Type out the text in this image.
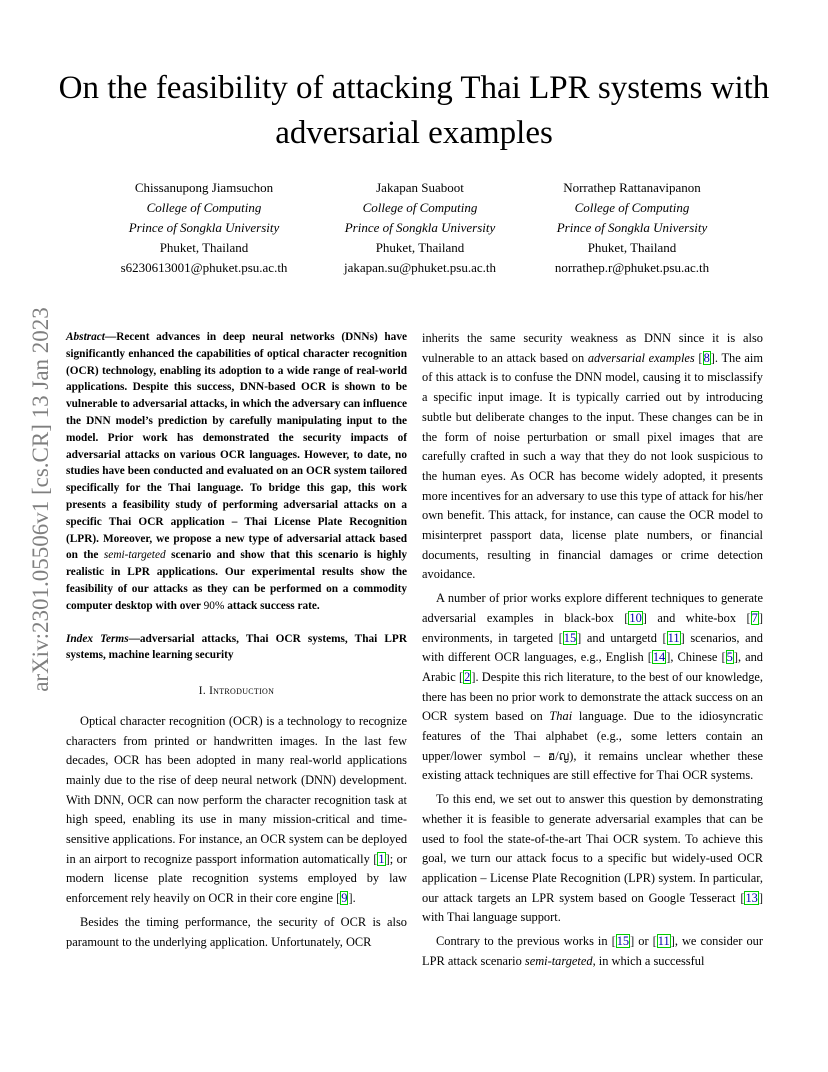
On the feasibility of attacking Thai LPR systems with adversarial examples
Chissanupong Jiamsuchon
College of Computing
Prince of Songkla University
Phuket, Thailand
s6230613001@phuket.psu.ac.th
Jakapan Suaboot
College of Computing
Prince of Songkla University
Phuket, Thailand
jakapan.su@phuket.psu.ac.th
Norrathep Rattanavipanon
College of Computing
Prince of Songkla University
Phuket, Thailand
norrathep.r@phuket.psu.ac.th
arXiv:2301.05506v1 [cs.CR] 13 Jan 2023	Abstract—Recent advances in deep neural networks (DNNs) have significantly enhanced the capabilities of optical character recognition (OCR) technology, enabling its adoption to a wide range of real-world applications. Despite this success, DNN-based OCR is shown to be vulnerable to adversarial attacks, in which the adversary can influence the DNN model’s prediction by carefully manipulating input to the model. Prior work has demonstrated the security impacts of adversarial attacks on various OCR languages. However, to date, no studies have been conducted and evaluated on an OCR system tailored specifically for the Thai language. To bridge this gap, this work presents a feasibility study of performing adversarial attacks on a specific Thai OCR application – Thai License Plate Recognition (LPR). Moreover, we propose a new type of adversarial attack based on the semi-targeted scenario and show that this scenario is highly realistic in LPR applications. Our experimental results show the feasibility of our attacks as they can be performed on a commodity computer desktop with over 90% attack success rate.

Index Terms—adversarial attacks, Thai OCR systems, Thai LPR systems, machine learning security

I. Introduction

Optical character recognition (OCR) is a technology to recognize characters from printed or handwritten images. In the last few decades, OCR has been adopted in many real-world applications mainly due to the rise of deep neural network (DNN) development. With DNN, OCR can now perform the character recognition task at high speed, enabling its use in many mission-critical and time-sensitive applications. For instance, an OCR system can be deployed in an airport to recognize passport information automatically [ 1 ] ; or modern license plate recognition systems employed by law enforcement rely heavily on OCR in their core engine [ 9 ] .

Besides the timing performance, the security of OCR is also paramount to the underlying application. Unfortunately, OCR

inherits the same security weakness as DNN since it is also vulnerable to an attack based on adversarial examples [ 8 ] . The aim of this attack is to confuse the DNN model, causing it to misclassify a specific input image. It is typically carried out by introducing subtle but deliberate changes to the input. These changes can be in the form of noise perturbation or small pixel images that are carefully crafted in such a way that they do not look suspicious to the human eyes. As OCR has become widely adopted, it presents more incentives for an adversary to use this type of attack for his/her own benefit. This attack, for instance, can cause the OCR model to misinterpret passport data, license plate numbers, or financial documents, resulting in financial damages or crime detection avoidance.

A number of prior works explore different techniques to generate adversarial examples in black-box [ 10 ] and white-box [ 7 ] environments, in targeted [ 15 ] and untargetd [ 11 ] scenarios, and with different OCR languages, e.g., English [ 14 ] , Chinese [ 5 ] , and Arabic [ 2 ] . Despite this rich literature, to the best of our knowledge, there has been no prior work to demonstrate the attack success on an OCR system based on Thai language. Due to the idiosyncratic features of the Thai alphabet (e.g., some letters contain an upper/lower symbol – ฮ/ญ), it remains unclear whether these existing attack techniques are still effective for Thai OCR systems.

To this end, we set out to answer this question by demonstrating whether it is feasible to generate adversarial examples that can be used to fool the state-of-the-art Thai OCR system. To achieve this goal, we turn our attack focus to a specific but widely-used OCR application – License Plate Recognition (LPR) system. In particular, our attack targets an LPR system based on Google Tesseract [ 13 ] with Thai language support.

Contrary to the previous works in [ 15 ] or [ 11 ] , we consider our LPR attack scenario semi-targeted, in which a successful
